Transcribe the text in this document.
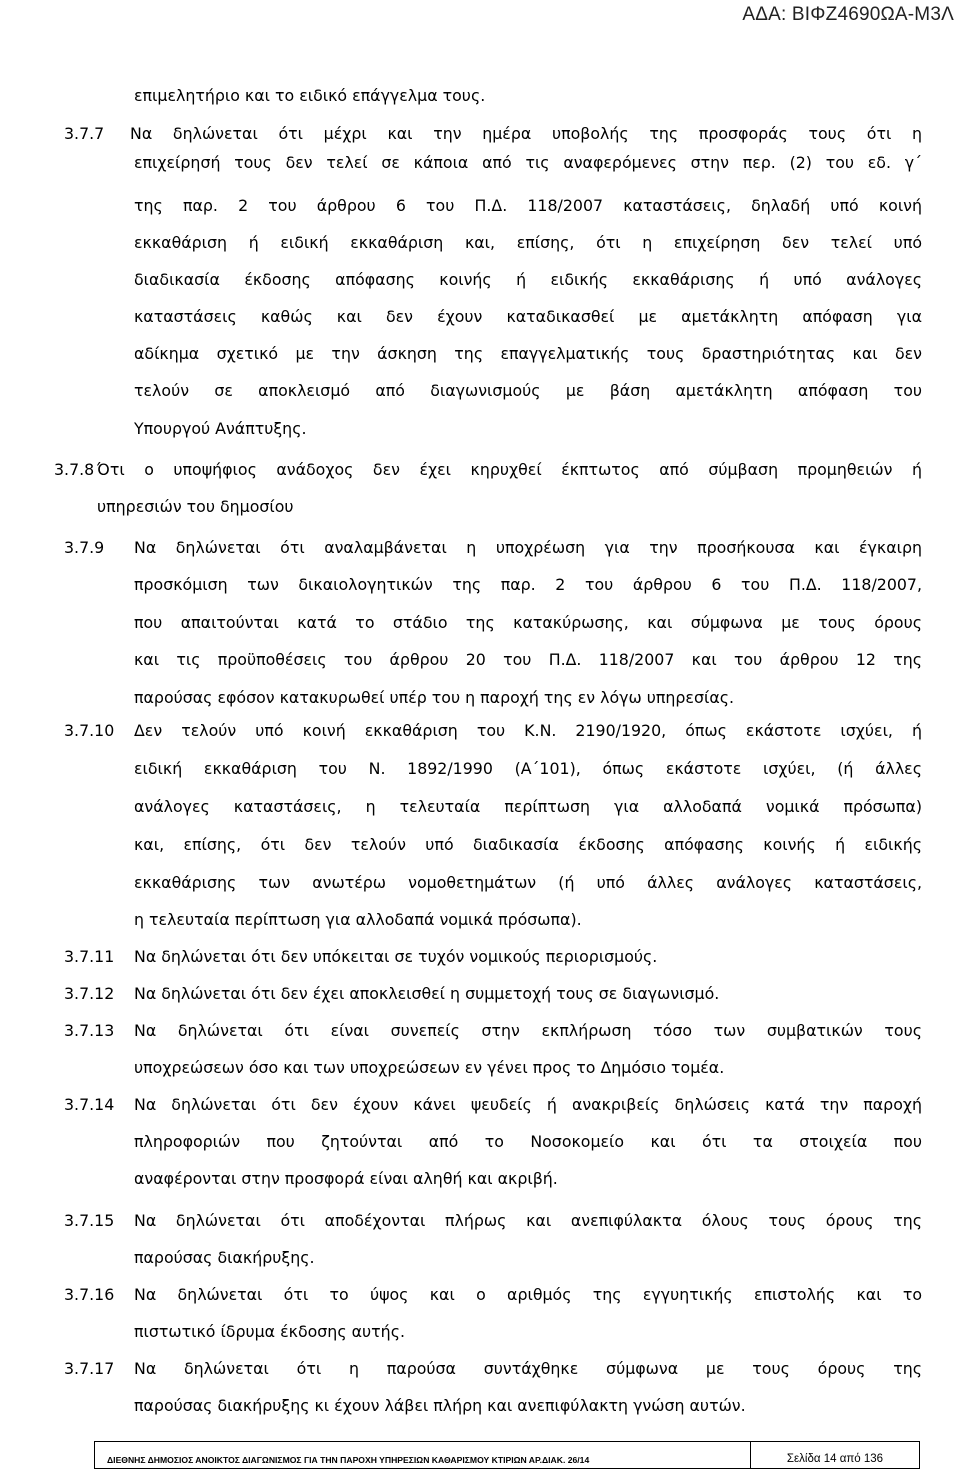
ΑΔΑ: ΒΙΦΖ4690ΩΑ-Μ3Λ
επιμελητήριο και το ειδικό επάγγελμα τους.
3.7.7 Να δηλώνεται ότι μέχρι και την ημέρα υποβολής της προσφοράς τους ότι η
επιχείρησή τους δεν τελεί σε κάποια από τις αναφερόμενες στην περ. (2) του εδ. γ΄
της παρ. 2 του άρθρου 6 του Π.Δ. 118/2007 καταστάσεις, δηλαδή υπό κοινή
εκκαθάριση ή ειδική εκκαθάριση και, επίσης, ότι η επιχείρηση δεν τελεί υπό
διαδικασία έκδοσης απόφασης κοινής ή ειδικής εκκαθάρισης ή υπό ανάλογες
καταστάσεις καθώς και δεν έχουν καταδικασθεί με αμετάκλητη απόφαση για
αδίκημα σχετικό με την άσκηση της επαγγελματικής τους δραστηριότητας και δεν
τελούν σε αποκλεισμό από διαγωνισμούς με βάση αμετάκλητη απόφαση του
Υπουργού Ανάπτυξης.
3.7.8 Ότι ο υποψήφιος ανάδοχος δεν έχει κηρυχθεί έκπτωτος από σύμβαση προμηθειών ή
υπηρεσιών του δημοσίου
3.7.9 Να δηλώνεται ότι αναλαμβάνεται η υποχρέωση για την προσήκουσα και έγκαιρη
προσκόμιση των δικαιολογητικών της παρ. 2 του άρθρου 6 του Π.Δ. 118/2007,
που απαιτούνται κατά το στάδιο της κατακύρωσης, και σύμφωνα με τους όρους
και τις προϋποθέσεις του άρθρου 20 του Π.Δ. 118/2007 και του άρθρου 12 της
παρούσας εφόσον κατακυρωθεί υπέρ του η παροχή της εν λόγω υπηρεσίας.
3.7.10 Δεν τελούν υπό κοινή εκκαθάριση του Κ.Ν. 2190/1920, όπως εκάστοτε ισχύει, ή
ειδική εκκαθάριση του Ν. 1892/1990 (Α΄101), όπως εκάστοτε ισχύει, (ή άλλες
ανάλογες καταστάσεις, η τελευταία περίπτωση για αλλοδαπά νομικά πρόσωπα)
και, επίσης, ότι δεν τελούν υπό διαδικασία έκδοσης απόφασης κοινής ή ειδικής
εκκαθάρισης των ανωτέρω νομοθετημάτων (ή υπό άλλες ανάλογες καταστάσεις,
η τελευταία περίπτωση για αλλοδαπά νομικά πρόσωπα).
3.7.11 Να δηλώνεται ότι δεν υπόκειται σε τυχόν νομικούς περιορισμούς.
3.7.12 Να δηλώνεται ότι δεν έχει αποκλεισθεί η συμμετοχή τους σε διαγωνισμό.
3.7.13 Να δηλώνεται ότι είναι συνεπείς στην εκπλήρωση τόσο των συμβατικών τους
υποχρεώσεων όσο και των υποχρεώσεων εν γένει προς το Δημόσιο τομέα.
3.7.14 Να δηλώνεται ότι δεν έχουν κάνει ψευδείς ή ανακριβείς δηλώσεις κατά την παροχή
πληροφοριών που ζητούνται από το Νοσοκομείο και ότι τα στοιχεία που
αναφέρονται στην προσφορά είναι αληθή και ακριβή.
3.7.15 Να δηλώνεται ότι αποδέχονται πλήρως και ανεπιφύλακτα όλους τους όρους της
παρούσας διακήρυξης.
3.7.16 Να δηλώνεται ότι το ύψος και ο αριθμός της εγγυητικής επιστολής και το
πιστωτικό ίδρυμα έκδοσης αυτής.
3.7.17 Να δηλώνεται ότι η παρούσα συντάχθηκε σύμφωνα με τους όρους της
παρούσας διακήρυξης κι έχουν λάβει πλήρη και ανεπιφύλακτη γνώση αυτών.
ΔΙΕΘΝΗΣ ΔΗΜΟΣΙΟΣ ΑΝΟΙΚΤΟΣ ΔΙΑΓΩΝΙΣΜΟΣ ΓΙΑ ΤΗΝ ΠΑΡΟΧΗ ΥΠΗΡΕΣΙΩΝ ΚΑΘΑΡΙΣΜΟΥ ΚΤΙΡΙΩΝ ΑΡ.ΔΙΑΚ. 26/14	Σελίδα 14 από 136
